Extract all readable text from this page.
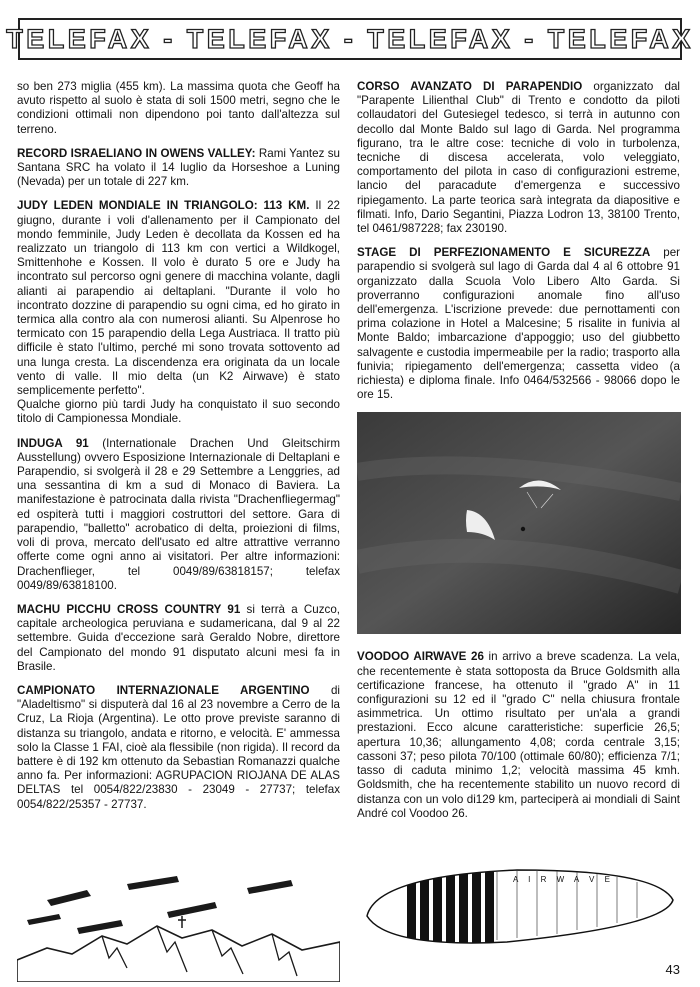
TELEFAX - TELEFAX - TELEFAX - TELEFAX

so ben 273 miglia (455 km). La massima quota che Geoff ha avuto rispetto al suolo è stata di soli 1500 metri, segno che le condizioni ottimali non dipendono poi tanto dall'altezza sul terreno.

RECORD ISRAELIANO IN OWENS VALLEY: Rami Yantez su Santana SRC ha volato il 14 luglio da Horseshoe a Luning (Nevada) per un totale di 227 km.

JUDY LEDEN MONDIALE IN TRIANGOLO: 113 KM. Il 22 giugno, durante i voli d'allenamento per il Campionato del mondo femminile, Judy Leden è decollata da Kossen ed ha realizzato un triangolo di 113 km con vertici a Wildkogel, Smittenhohe e Kossen. Il volo è durato 5 ore e Judy ha incontrato sul percorso ogni genere di macchina volante, dagli alianti ai parapendio ai deltaplani. "Durante il volo ho incontrato dozzine di parapendio su ogni cima, ed ho girato in termica alla contro ala con numerosi alianti. Su Alpenrose ho termicato con 15 parapendio della Lega Austriaca. Il tratto più difficile è stato l'ultimo, perché mi sono trovata sottovento ad una lunga cresta. La discendenza era originata da un locale vento di valle. Il mio delta (un K2 Airwave) è stato semplicemente perfetto".

Qualche giorno più tardi Judy ha conquistato il suo secondo titolo di Campionessa Mondiale.

INDUGA 91 (Internationale Drachen Und Gleitschirm Ausstellung) ovvero Esposizione Internazionale di Deltaplani e Parapendio, si svolgerà il 28 e 29 Settembre a Lenggries, ad una sessantina di km a sud di Monaco di Baviera. La manifestazione è patrocinata dalla rivista "Drachenfliegermag" ed ospiterà tutti i maggiori costruttori del settore. Gara di parapendio, "balletto" acrobatico di delta, proiezioni di films, voli di prova, mercato dell'usato ed altre attrattive verranno offerte come ogni anno ai visitatori. Per altre informazioni: Drachenflieger, tel 0049/89/63818157; telefax 0049/89/63818100.

MACHU PICCHU CROSS COUNTRY 91 si terrà a Cuzco, capitale archeologica peruviana e sudamericana, dal 9 al 22 settembre. Guida d'eccezione sarà Geraldo Nobre, direttore del Campionato del mondo 91 disputato alcuni mesi fa in Brasile.

CAMPIONATO INTERNAZIONALE ARGENTINO di "Aladeltismo" si disputerà dal 16 al 23 novembre a Cerro de la Cruz, La Rioja (Argentina). Le otto prove previste saranno di distanza su triangolo, andata e ritorno, e velocità. E' ammessa solo la Classe 1 FAI, cioè ala flessibile (non rigida). Il record da battere è di 192 km ottenuto da Sebastian Romanazzi qualche anno fa. Per informazioni: AGRUPACION RIOJANA DE ALAS DELTAS tel 0054/822/23830 - 23049 - 27737; telefax 0054/822/25357 - 27737.

CORSO AVANZATO DI PARAPENDIO organizzato dal "Parapente Lilienthal Club" di Trento e condotto da piloti collaudatori del Gutesiegel tedesco, si terrà in autunno con decollo dal Monte Baldo sul lago di Garda. Nel programma figurano, tra le altre cose: tecniche di volo in turbolenza, tecniche di discesa accelerata, volo veleggiato, comportamento del pilota in caso di configurazioni estreme, lancio del paracadute d'emergenza e successivo ripiegamento. La parte teorica sarà integrata da diapositive e filmati. Info, Dario Segantini, Piazza Lodron 13, 38100 Trento, tel 0461/987228; fax 230190.

STAGE DI PERFEZIONAMENTO E SICUREZZA per parapendio si svolgerà sul lago di Garda dal 4 al 6 ottobre 91 organizzato dalla Scuola Volo Libero Alto Garda. Si proverranno configurazioni anomale fino all'uso dell'emergenza. L'iscrizione prevede: due pernottamenti con prima colazione in Hotel a Malcesine; 5 risalite in funivia al Monte Baldo; imbarcazione d'appoggio; uso del giubbetto salvagente e custodia impermeabile per la radio; trasporto alla funivia; ripiegamento dell'emergenza; cassetta video (a richiesta) e diploma finale. Info 0464/532566 - 98066 dopo le ore 15.

VOODOO AIRWAVE 26 in arrivo a breve scadenza. La vela, che recentemente è stata sottoposta da Bruce Goldsmith alla certificazione francese, ha ottenuto il "grado A" in 11 configurazioni su 12 ed il "grado C" nella chiusura frontale asimmetrica. Un ottimo risultato per un'ala a grandi prestazioni. Ecco alcune caratteristiche: superficie 26,5; apertura 10,36; allungamento 4,08; corda centrale 3,15; cassoni 37; peso pilota 70/100 (ottimale 60/80); efficienza 7/1; tasso di caduta minimo 1,2; velocità massima 45 kmh. Goldsmith, che ha recentemente stabilito un nuovo record di distanza con un volo di129 km, parteciperà ai mondiali di Saint André col Voodoo 26.

A I R W A V E
43
